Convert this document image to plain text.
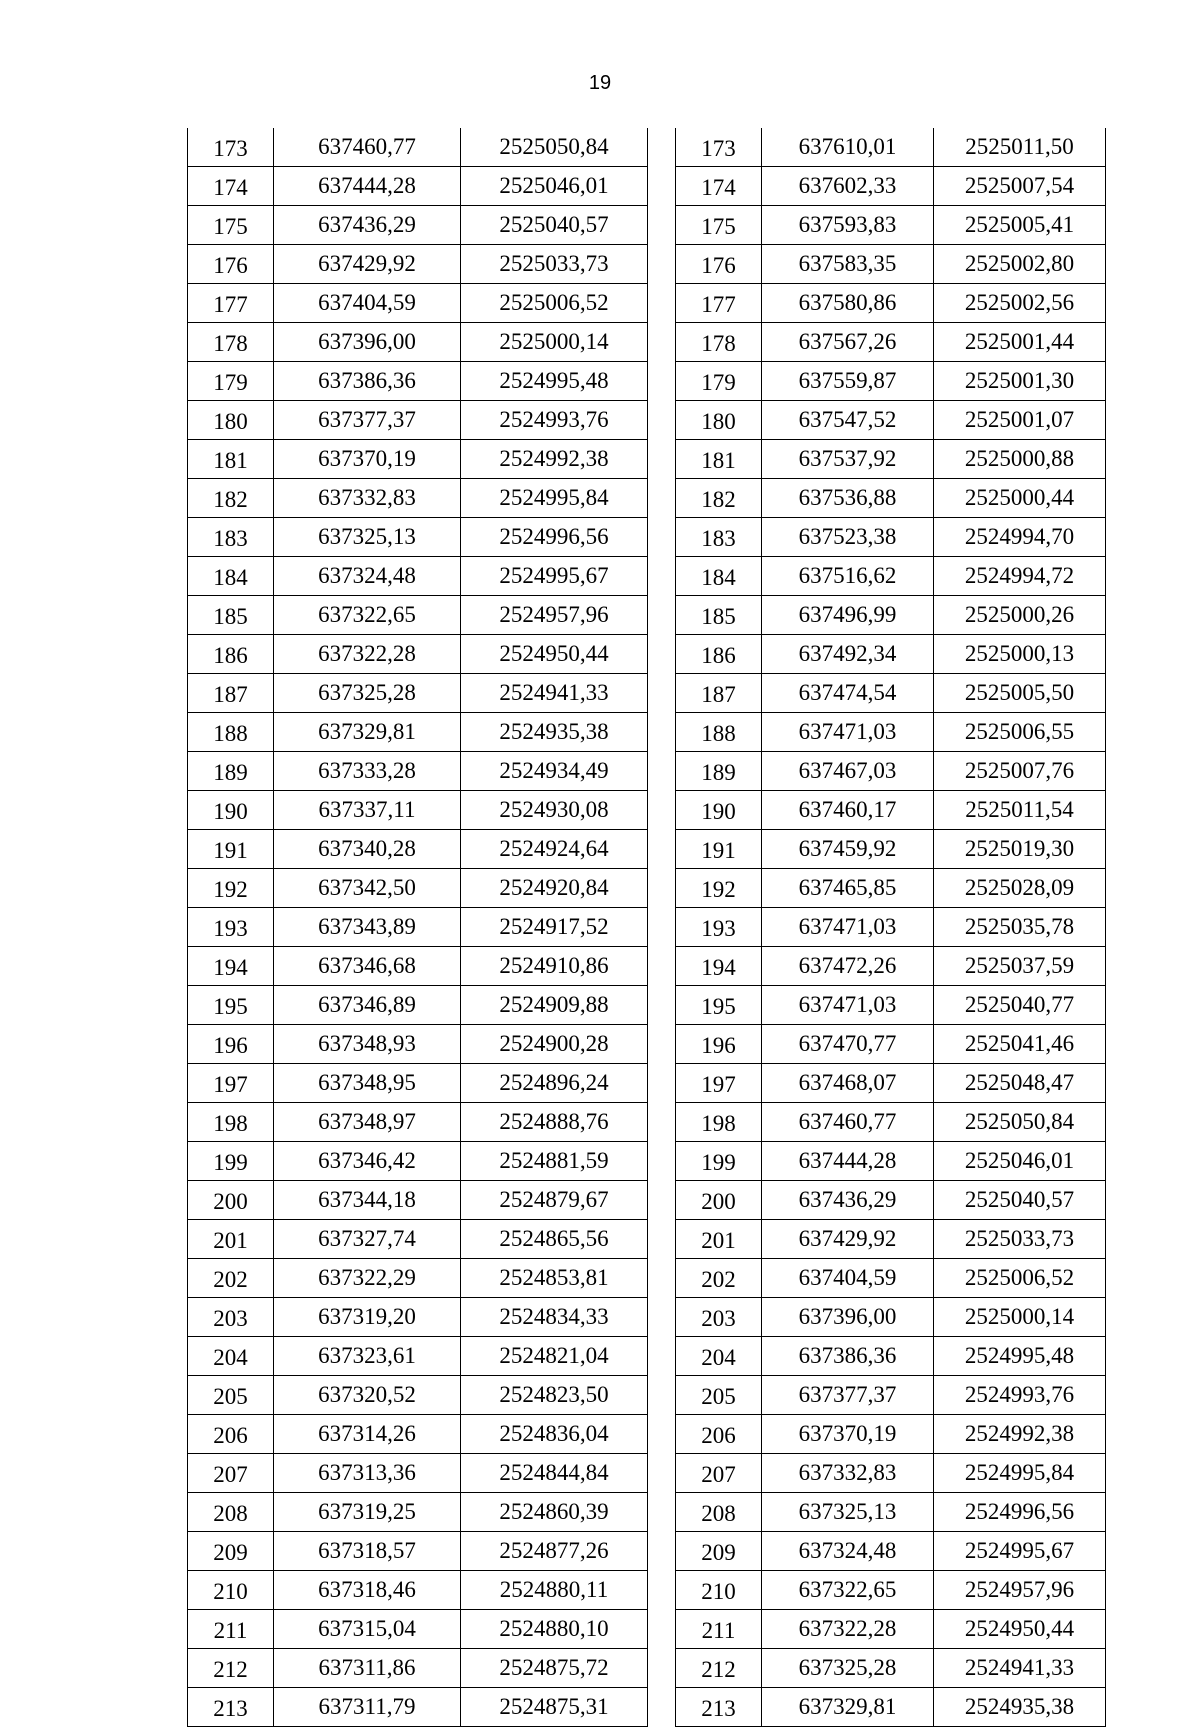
19
173	637460,77	2525050,84
174	637444,28	2525046,01
175	637436,29	2525040,57
176	637429,92	2525033,73
177	637404,59	2525006,52
178	637396,00	2525000,14
179	637386,36	2524995,48
180	637377,37	2524993,76
181	637370,19	2524992,38
182	637332,83	2524995,84
183	637325,13	2524996,56
184	637324,48	2524995,67
185	637322,65	2524957,96
186	637322,28	2524950,44
187	637325,28	2524941,33
188	637329,81	2524935,38
189	637333,28	2524934,49
190	637337,11	2524930,08
191	637340,28	2524924,64
192	637342,50	2524920,84
193	637343,89	2524917,52
194	637346,68	2524910,86
195	637346,89	2524909,88
196	637348,93	2524900,28
197	637348,95	2524896,24
198	637348,97	2524888,76
199	637346,42	2524881,59
200	637344,18	2524879,67
201	637327,74	2524865,56
202	637322,29	2524853,81
203	637319,20	2524834,33
204	637323,61	2524821,04
205	637320,52	2524823,50
206	637314,26	2524836,04
207	637313,36	2524844,84
208	637319,25	2524860,39
209	637318,57	2524877,26
210	637318,46	2524880,11
211	637315,04	2524880,10
212	637311,86	2524875,72
213	637311,79	2524875,31
173	637610,01	2525011,50
174	637602,33	2525007,54
175	637593,83	2525005,41
176	637583,35	2525002,80
177	637580,86	2525002,56
178	637567,26	2525001,44
179	637559,87	2525001,30
180	637547,52	2525001,07
181	637537,92	2525000,88
182	637536,88	2525000,44
183	637523,38	2524994,70
184	637516,62	2524994,72
185	637496,99	2525000,26
186	637492,34	2525000,13
187	637474,54	2525005,50
188	637471,03	2525006,55
189	637467,03	2525007,76
190	637460,17	2525011,54
191	637459,92	2525019,30
192	637465,85	2525028,09
193	637471,03	2525035,78
194	637472,26	2525037,59
195	637471,03	2525040,77
196	637470,77	2525041,46
197	637468,07	2525048,47
198	637460,77	2525050,84
199	637444,28	2525046,01
200	637436,29	2525040,57
201	637429,92	2525033,73
202	637404,59	2525006,52
203	637396,00	2525000,14
204	637386,36	2524995,48
205	637377,37	2524993,76
206	637370,19	2524992,38
207	637332,83	2524995,84
208	637325,13	2524996,56
209	637324,48	2524995,67
210	637322,65	2524957,96
211	637322,28	2524950,44
212	637325,28	2524941,33
213	637329,81	2524935,38
